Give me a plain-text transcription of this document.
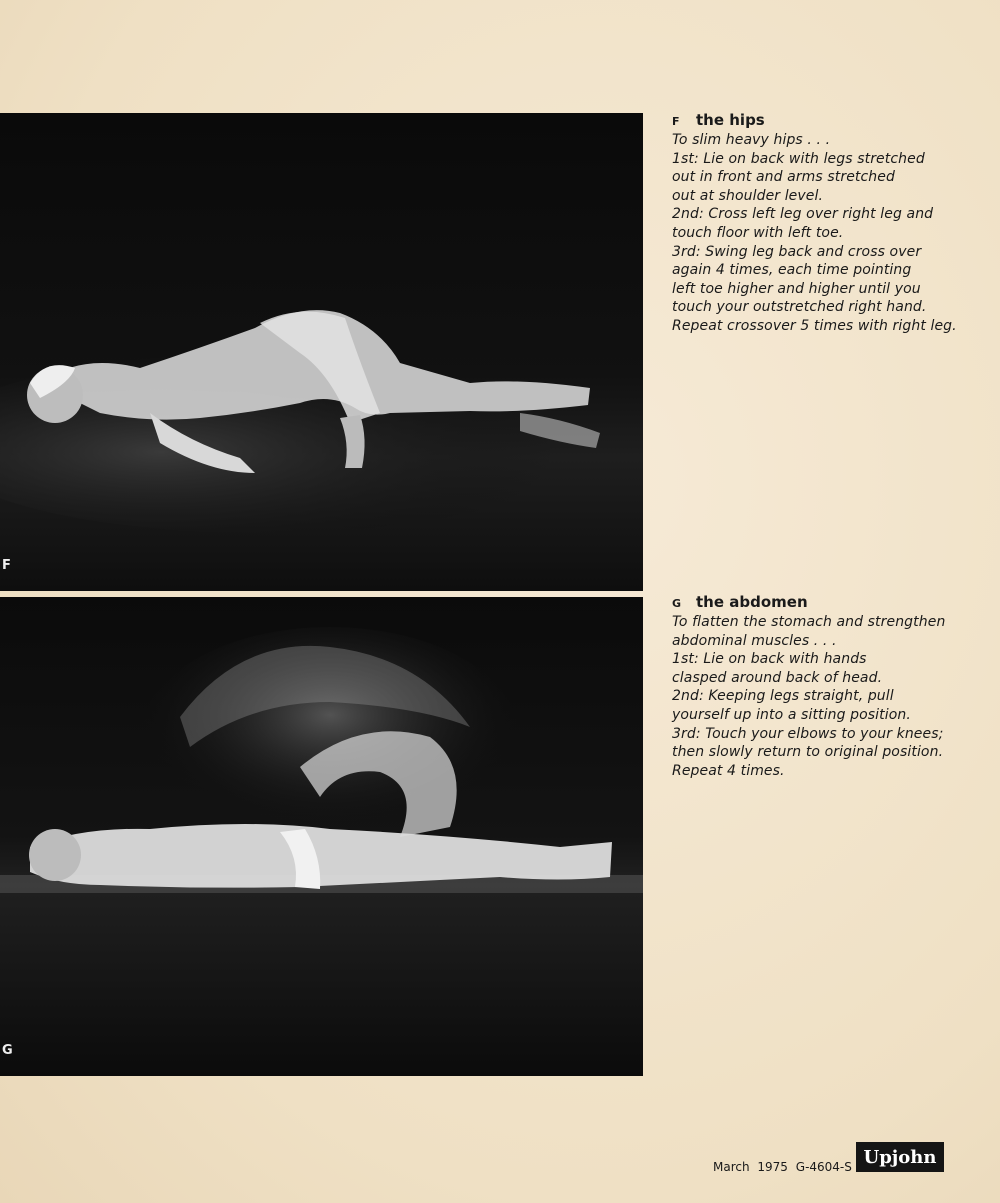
F
G
F	the hips
To slim heavy hips . . .
1st: Lie on back with legs stretched
out in front and arms stretched
out at shoulder level.
2nd: Cross left leg over right leg and
touch floor with left toe.
3rd: Swing leg back and cross over
again 4 times, each time pointing
left toe higher and higher until you
touch your outstretched right hand.
Repeat crossover 5 times with right leg.
G the abdomen
To flatten the stomach and strengthen
abdominal muscles . . .
1st: Lie on back with hands
clasped around back of head.
2nd: Keeping legs straight, pull
yourself up into a sitting position.
3rd: Touch your elbows to your knees;
then slowly return to original position.
Repeat 4 times.
March 1975 G-4604-S Upjohn
